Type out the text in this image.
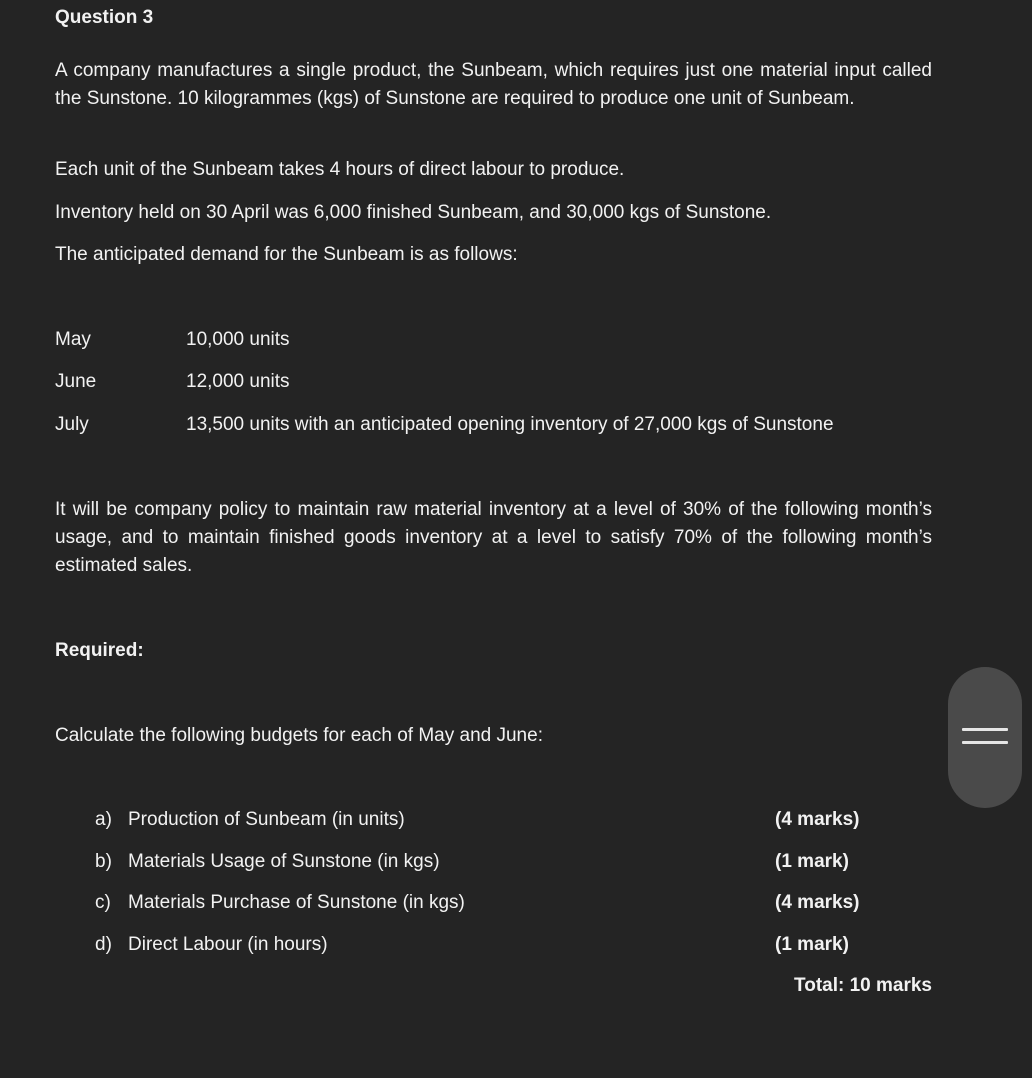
Question 3

A company manufactures a single product, the Sunbeam, which requires just one material input called the Sunstone. 10 kilogrammes (kgs) of Sunstone are required to produce one unit of Sunbeam.

Each unit of the Sunbeam takes 4 hours of direct labour to produce.

Inventory held on 30 April was 6,000 finished Sunbeam, and 30,000 kgs of Sunstone.

The anticipated demand for the Sunbeam is as follows:

May	10,000 units
June	12,000 units
July	13,500 units with an anticipated opening inventory of 27,000 kgs of Sunstone

It will be company policy to maintain raw material inventory at a level of 30% of the following month’s usage, and to maintain finished goods inventory at a level to satisfy 70% of the following month’s estimated sales.

Required:

Calculate the following budgets for each of May and June:

a) Production of Sunbeam (in units)	(4 marks)
b) Materials Usage of Sunstone (in kgs)	(1 mark)
c) Materials Purchase of Sunstone (in kgs)	(4 marks)
d) Direct Labour (in hours)	(1 mark)
Total: 10 marks
